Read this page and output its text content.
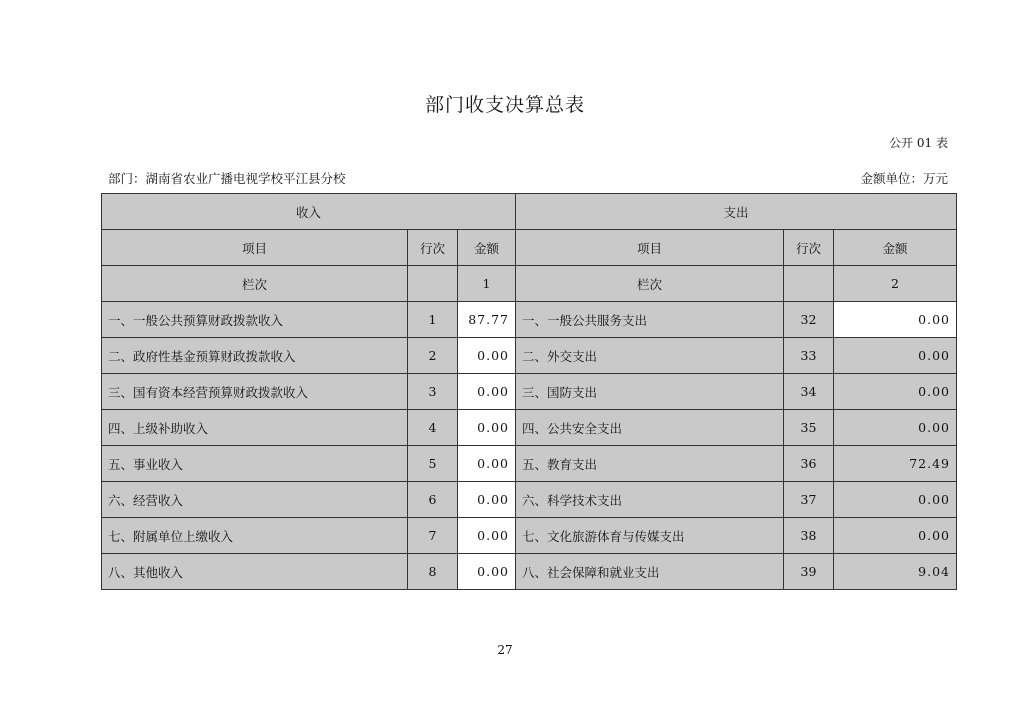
部门收支决算总表
公开 01 表
部门：湖南省农业广播电视学校平江县分校	金额单位：万元
收入			支出		
项目	行次	金额	项目	行次	金额
栏次		1	栏次		2
一、一般公共预算财政拨款收入	1	87.77	一、一般公共服务支出	32	0.00
二、政府性基金预算财政拨款收入	2	0.00	二、外交支出	33	0.00
三、国有资本经营预算财政拨款收入	3	0.00	三、国防支出	34	0.00
四、上级补助收入	4	0.00	四、公共安全支出	35	0.00
五、事业收入	5	0.00	五、教育支出	36	72.49
六、经营收入	6	0.00	六、科学技术支出	37	0.00
七、附属单位上缴收入	7	0.00	七、文化旅游体育与传媒支出	38	0.00
八、其他收入	8	0.00	八、社会保障和就业支出	39	9.04
27
